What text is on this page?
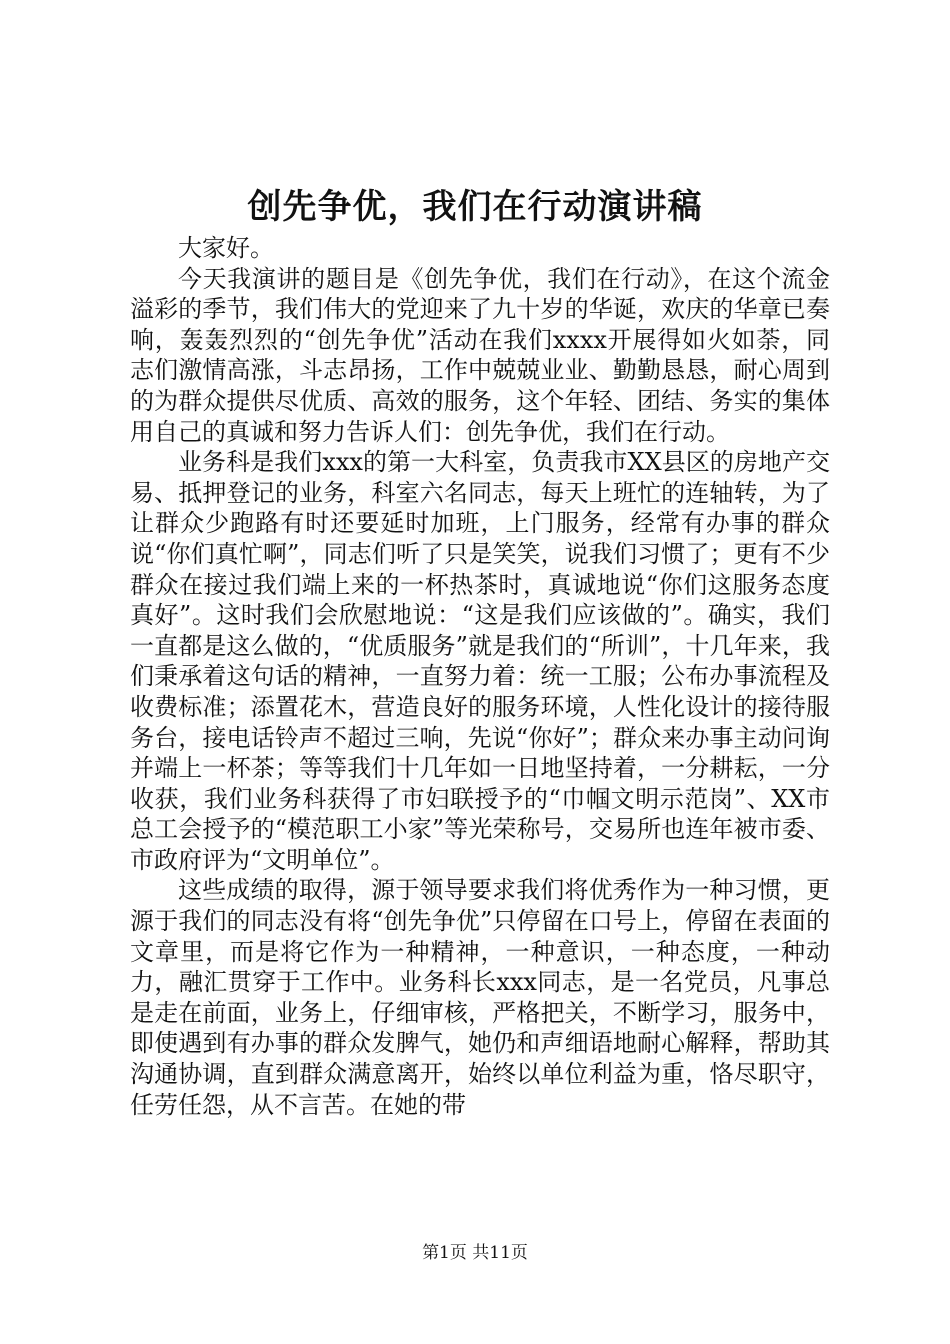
创先争优，我们在行动演讲稿

大家好。

今天我演讲的题目是《创先争优，我们在行动》，在这个流金溢彩的季节，我们伟大的党迎来了九十岁的华诞，欢庆的华章已奏响，轰轰烈烈的“创先争优”活动在我们xxxx开展得如火如荼，同志们激情高涨，斗志昂扬，工作中兢兢业业、勤勤恳恳，耐心周到的为群众提供尽优质、高效的服务，这个年轻、团结、务实的集体用自己的真诚和努力告诉人们：创先争优，我们在行动。

业务科是我们xxx的第一大科室，负责我市XX县区的房地产交易、抵押登记的业务，科室六名同志，每天上班忙的连轴转，为了让群众少跑路有时还要延时加班，上门服务，经常有办事的群众说“你们真忙啊”，同志们听了只是笑笑，说我们习惯了；更有不少群众在接过我们端上来的一杯热茶时，真诚地说“你们这服务态度真好”。这时我们会欣慰地说：“这是我们应该做的”。确实，我们一直都是这么做的，“优质服务”就是我们的“所训”，十几年来，我们秉承着这句话的精神，一直努力着：统一工服；公布办事流程及收费标准；添置花木，营造良好的服务环境，人性化设计的接待服务台，接电话铃声不超过三响，先说“你好”；群众来办事主动问询并端上一杯茶；等等我们十几年如一日地坚持着，一分耕耘，一分收获，我们业务科获得了市妇联授予的“巾帼文明示范岗”、XX市总工会授予的“模范职工小家”等光荣称号，交易所也连年被市委、市政府评为“文明单位”。

这些成绩的取得，源于领导要求我们将优秀作为一种习惯，更源于我们的同志没有将“创先争优”只停留在口号上，停留在表面的文章里，而是将它作为一种精神，一种意识，一种态度，一种动力，融汇贯穿于工作中。业务科长xxx同志，是一名党员，凡事总是走在前面，业务上，仔细审核，严格把关，不断学习，服务中，即使遇到有办事的群众发脾气，她仍和声细语地耐心解释，帮助其沟通协调，直到群众满意离开，始终以单位利益为重，恪尽职守，任劳任怨，从不言苦。在她的带

第1页 共11页
